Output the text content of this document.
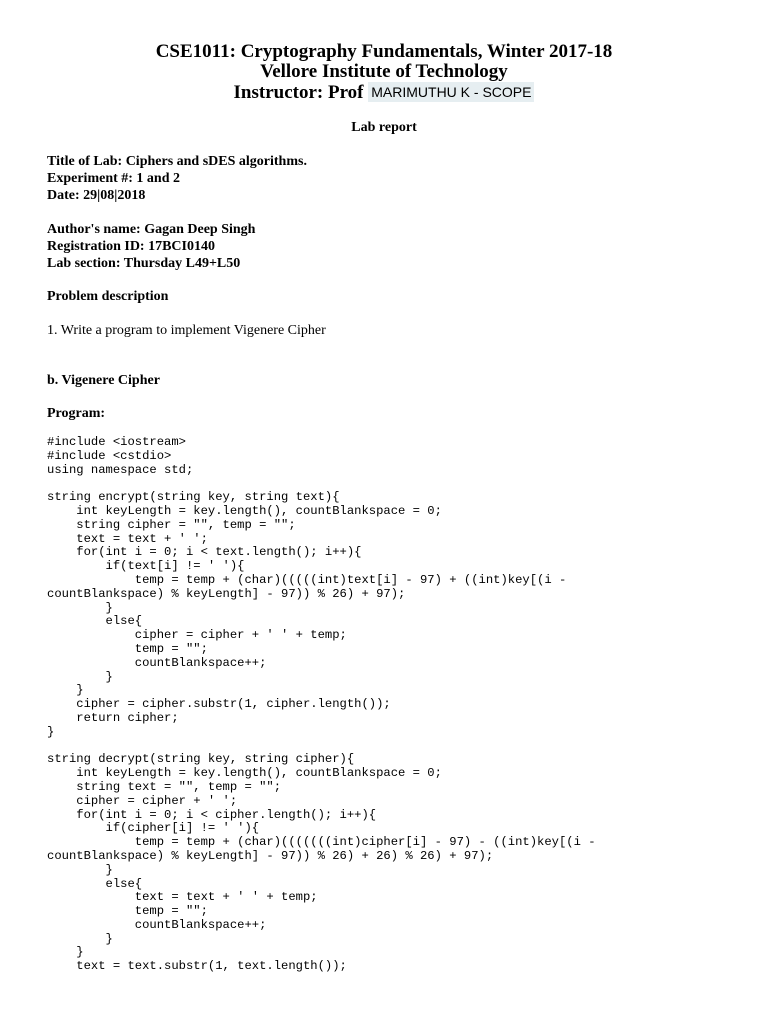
CSE1011: Cryptography Fundamentals, Winter 2017-18
Vellore Institute of Technology
Instructor: Prof MARIMUTHU K - SCOPE
Lab report
Title of Lab: Ciphers and sDES algorithms.
Experiment #: 1 and 2
Date: 29|08|2018
Author's name: Gagan Deep Singh
Registration ID: 17BCI0140
Lab section: Thursday L49+L50
Problem description
1. Write a program to implement Vigenere Cipher
b. Vigenere Cipher
Program:
#include <iostream>
#include <cstdio>
using namespace std;

string encrypt(string key, string text){
int keyLength = key.length(), countBlankspace = 0;
string cipher = "", temp = "";
text = text + ' ';
for(int i = 0; i < text.length(); i++){
if(text[i] != ' '){
temp = temp + (char)(((((int)text[i] - 97) + ((int)key[(i -
countBlankspace) % keyLength] - 97)) % 26) + 97);
}
else{
cipher = cipher + ' ' + temp;
temp = "";
countBlankspace++;
}
}
cipher = cipher.substr(1, cipher.length());
return cipher;
}

string decrypt(string key, string cipher){
int keyLength = key.length(), countBlankspace = 0;
string text = "", temp = "";
cipher = cipher + ' ';
for(int i = 0; i < cipher.length(); i++){
if(cipher[i] != ' '){
temp = temp + (char)(((((((int)cipher[i] - 97) - ((int)key[(i -
countBlankspace) % keyLength] - 97)) % 26) + 26) % 26) + 97);
}
else{
text = text + ' ' + temp;
temp = "";
countBlankspace++;
}
}
text = text.substr(1, text.length());
